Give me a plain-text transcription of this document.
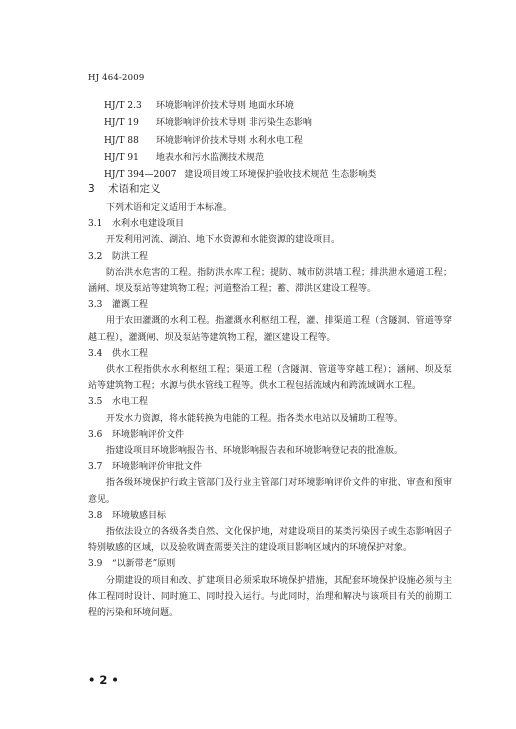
HJ 464-2009
HJ/T 2.3	环境影响评价技术导则 地面水环境
HJ/T 19	环境影响评价技术导则 非污染生态影响
HJ/T 88	环境影响评价技术导则 水利水电工程
HJ/T 91	地表水和污水监测技术规范
HJ/T 394—2007 建设项目竣工环境保护验收技术规范 生态影响类
3 术语和定义
下列术语和定义适用于本标准。
3.1 水利水电建设项目
开发利用河流、湖泊、地下水资源和水能资源的建设项目。
3.2 防洪工程
防治洪水危害的工程。指防洪水库工程；提防、城市防洪墙工程；排洪泄水通道工程；涵闸、坝及泵站等建筑物工程；河道整治工程；蓄、滞洪区建设工程等。
3.3 灌溉工程
用于农田灌溉的水利工程。指灌溉水利枢纽工程，灌、排渠道工程（含隧洞、管道等穿越工程），灌溉闸、坝及泵站等建筑物工程，灌区建设工程等。
3.4 供水工程
供水工程指供水水利枢纽工程；渠道工程（含隧洞、管道等穿越工程）；涵闸、坝及泵站等建筑物工程；水源与供水管线工程等。供水工程包括流域内和跨流域调水工程。
3.5 水电工程
开发水力资源，将水能转换为电能的工程。指各类水电站以及辅助工程等。
3.6 环境影响评价文件
指建设项目环境影响报告书、环境影响报告表和环境影响登记表的批准版。
3.7 环境影响评价审批文件
指各级环境保护行政主管部门及行业主管部门对环境影响评价文件的审批、审查和预审意见。
3.8 环境敏感目标
指依法设立的各级各类自然、文化保护地，对建设项目的某类污染因子或生态影响因子特别敏感的区域，以及验收调查需要关注的建设项目影响区域内的环境保护对象。
3.9 “以新带老”原则
分期建设的项目和改、扩建项目必须采取环境保护措施，其配套环境保护设施必须与主体工程同时设计、同时施工、同时投入运行。与此同时，治理和解决与该项目有关的前期工程的污染和环境问题。
• 2 •
